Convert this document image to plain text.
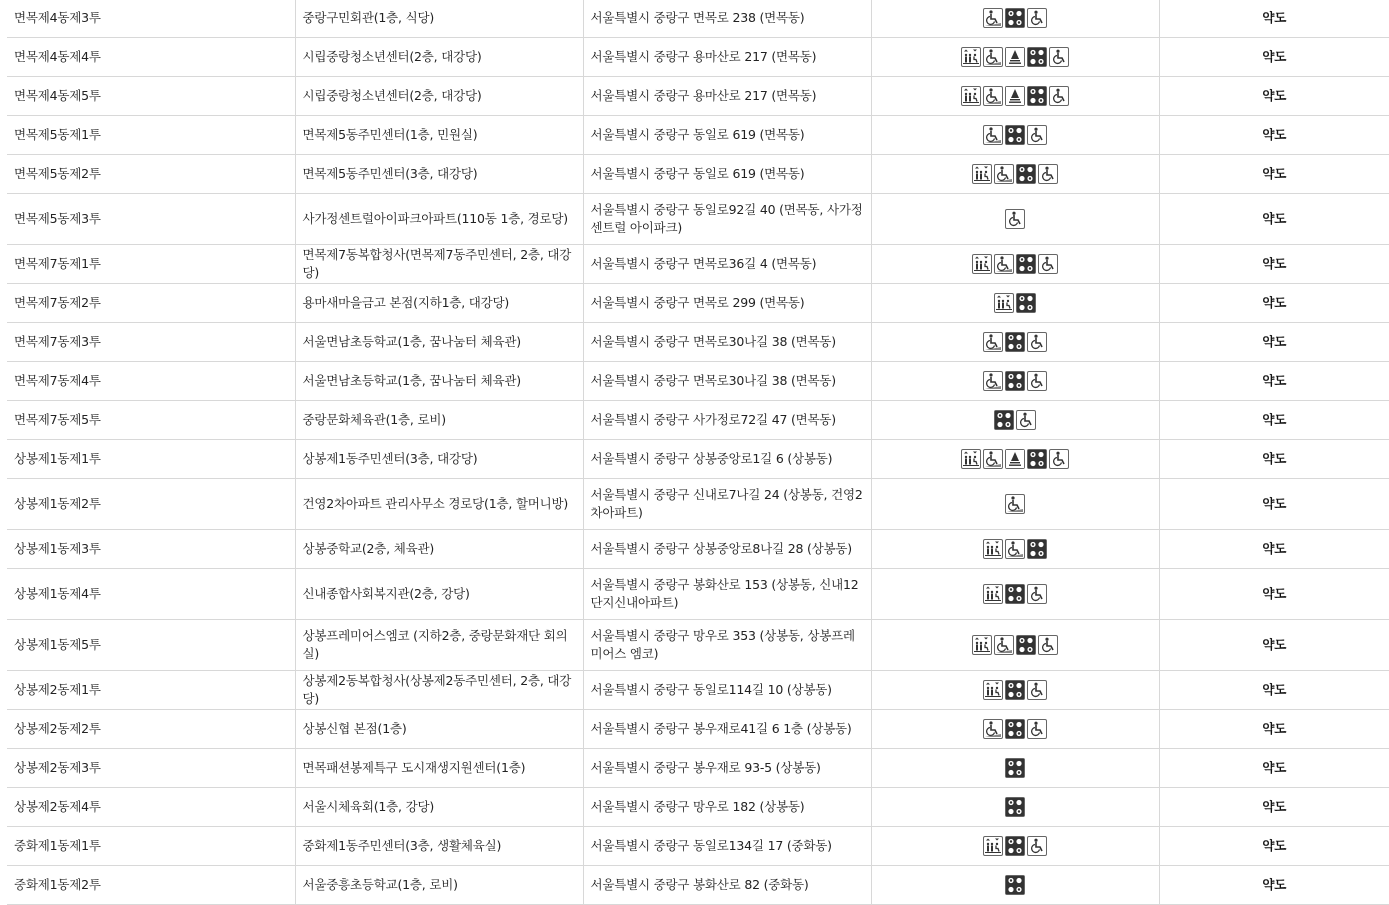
면목제4동제3투	중랑구민회관(1층, 식당)	서울특별시 중랑구 면목로 238 (면목동)		약도
면목제4동제4투	시립중랑청소년센터(2층, 대강당)	서울특별시 중랑구 용마산로 217 (면목동)		약도
면목제4동제5투	시립중랑청소년센터(2층, 대강당)	서울특별시 중랑구 용마산로 217 (면목동)		약도
면목제5동제1투	면목제5동주민센터(1층, 민원실)	서울특별시 중랑구 동일로 619 (면목동)		약도
면목제5동제2투	면목제5동주민센터(3층, 대강당)	서울특별시 중랑구 동일로 619 (면목동)		약도
면목제5동제3투	사가정센트럴아이파크아파트(110동 1층, 경로당)	서울특별시 중랑구 동일로92길 40 (면목동, 사가정센트럴 아이파크)		약도
면목제7동제1투	면목제7동복합청사(면목제7동주민센터, 2층, 대강당)	서울특별시 중랑구 면목로36길 4 (면목동)		약도
면목제7동제2투	용마새마을금고 본점(지하1층, 대강당)	서울특별시 중랑구 면목로 299 (면목동)		약도
면목제7동제3투	서울면남초등학교(1층, 꿈나눔터 체육관)	서울특별시 중랑구 면목로30나길 38 (면목동)		약도
면목제7동제4투	서울면남초등학교(1층, 꿈나눔터 체육관)	서울특별시 중랑구 면목로30나길 38 (면목동)		약도
면목제7동제5투	중랑문화체육관(1층, 로비)	서울특별시 중랑구 사가정로72길 47 (면목동)		약도
상봉제1동제1투	상봉제1동주민센터(3층, 대강당)	서울특별시 중랑구 상봉중앙로1길 6 (상봉동)		약도
상봉제1동제2투	건영2차아파트 관리사무소 경로당(1층, 할머니방)	서울특별시 중랑구 신내로7나길 24 (상봉동, 건영2차아파트)		약도
상봉제1동제3투	상봉중학교(2층, 체육관)	서울특별시 중랑구 상봉중앙로8나길 28 (상봉동)		약도
상봉제1동제4투	신내종합사회복지관(2층, 강당)	서울특별시 중랑구 봉화산로 153 (상봉동, 신내12단지신내아파트)		약도
상봉제1동제5투	상봉프레미어스엠코 (지하2층, 중랑문화재단 회의실)	서울특별시 중랑구 망우로 353 (상봉동, 상봉프레미어스 엠코)		약도
상봉제2동제1투	상봉제2동복합청사(상봉제2동주민센터, 2층, 대강당)	서울특별시 중랑구 동일로114길 10 (상봉동)		약도
상봉제2동제2투	상봉신협 본점(1층)	서울특별시 중랑구 봉우재로41길 6 1층 (상봉동)		약도
상봉제2동제3투	면목패션봉제특구 도시재생지원센터(1층)	서울특별시 중랑구 봉우재로 93-5 (상봉동)		약도
상봉제2동제4투	서울시체육회(1층, 강당)	서울특별시 중랑구 망우로 182 (상봉동)		약도
중화제1동제1투	중화제1동주민센터(3층, 생활체육실)	서울특별시 중랑구 동일로134길 17 (중화동)		약도
중화제1동제2투	서울중흥초등학교(1층, 로비)	서울특별시 중랑구 봉화산로 82 (중화동)		약도
